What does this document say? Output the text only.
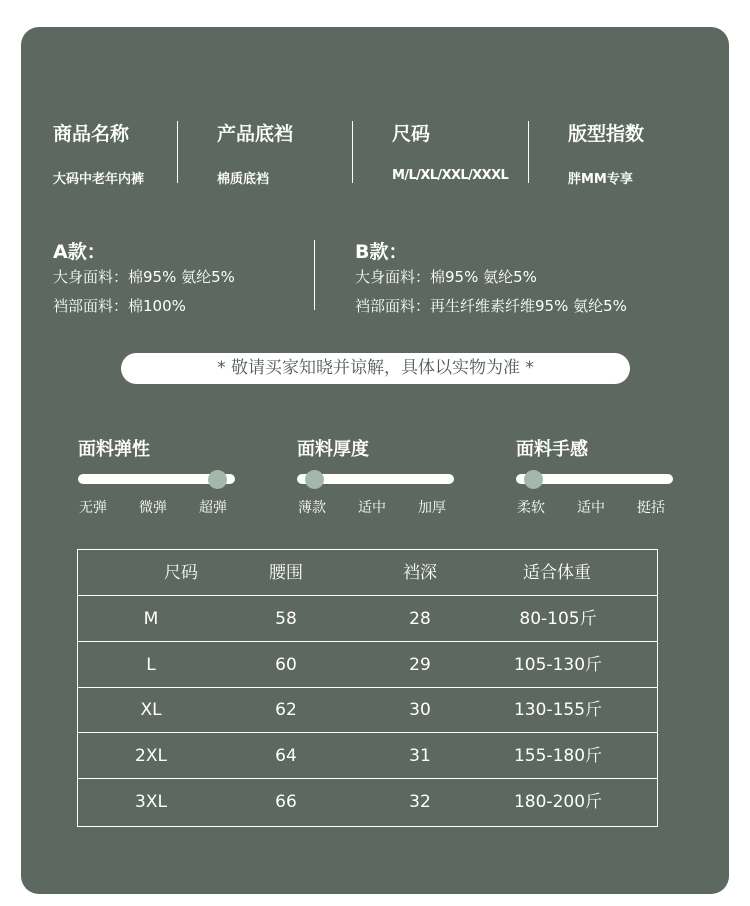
商品名称
大码中老年内裤
产品底裆
棉质底裆
尺码
M/L/XL/XXL/XXXL
版型指数
胖MM专享
A款：
大身面料：棉95% 氨纶5%
裆部面料：棉100%
B款：
大身面料：棉95% 氨纶5%
裆部面料：再生纤维素纤维95% 氨纶5%
* 敬请买家知晓并谅解，具体以实物为准 *
面料弹性
无弹 微弹 超弹
面料厚度
薄款 适中 加厚
面料手感
柔软 适中 挺括
尺码	腰围	裆深	适合体重
M	58	28	80-105斤
L	60	29	105-130斤
XL	62	30	130-155斤
2XL	64	31	155-180斤
3XL	66	32	180-200斤
